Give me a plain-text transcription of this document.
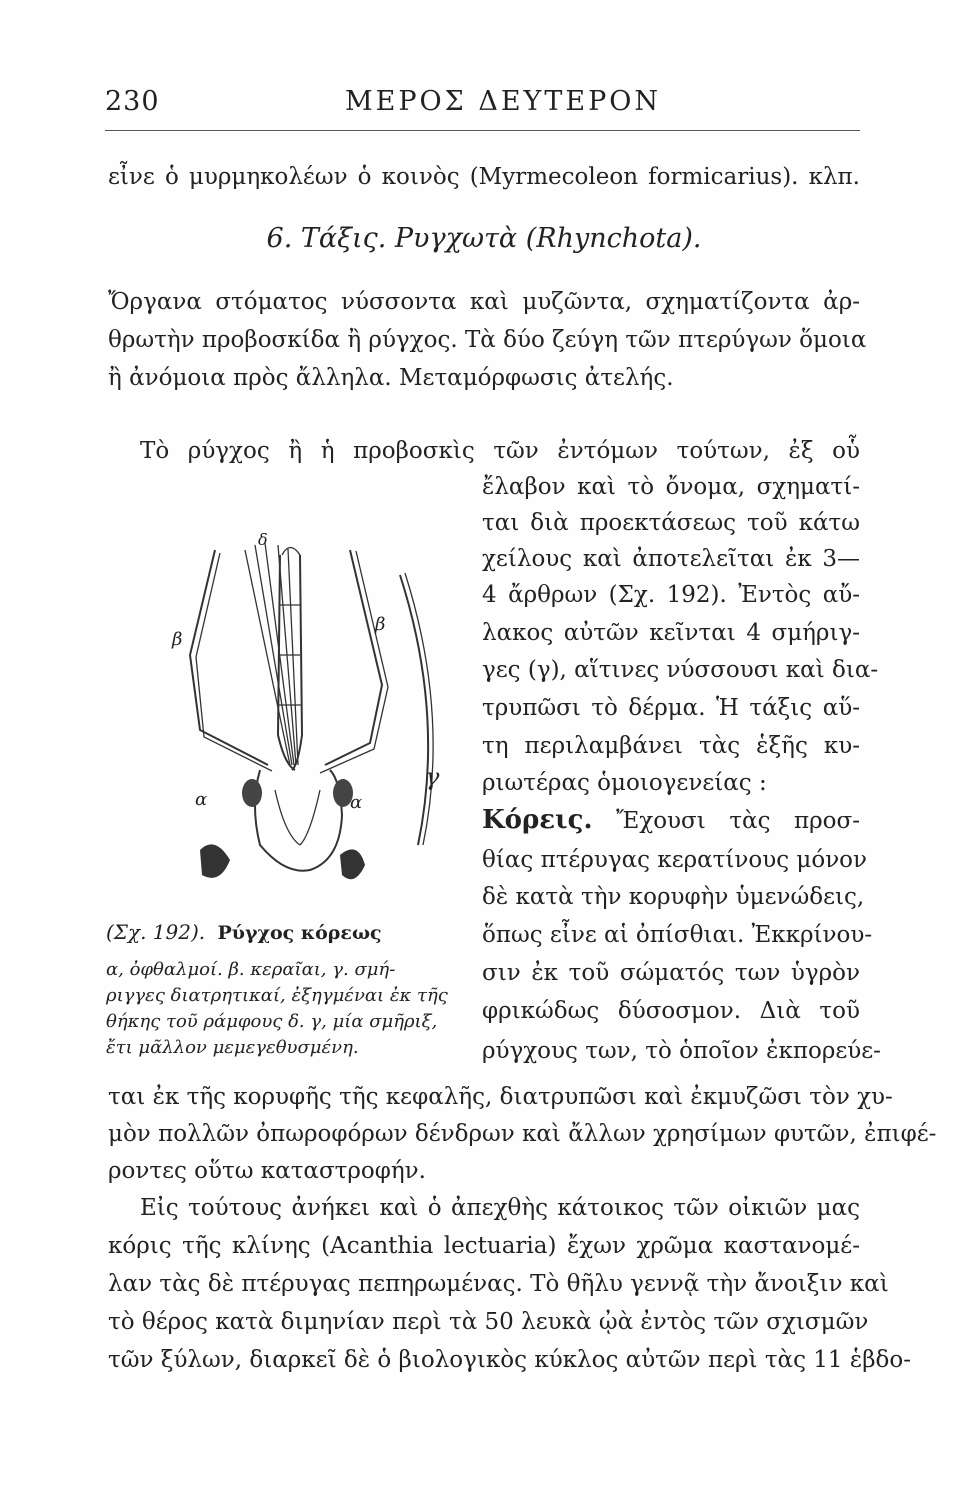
230	ΜΕΡΟΣ ΔΕΥΤΕΡΟΝ
εἶνε ὁ μυρμηκολέων ὁ κοινὸς (Myrmecoleon formicarius). κλπ.
6. Τάξις. Ρυγχωτὰ (Rhynchota).
Ὄργανα στόματος νύσσοντα καὶ μυζῶντα, σχηματίζοντα ἀρ-
θρωτὴν προβοσκίδα ἢ ρύγχος. Τὰ δύο ζεύγη τῶν πτερύγων ὅμοια
ἢ ἀνόμοια πρὸς ἄλληλα. Μεταμόρφωσις ἀτελής.
Τὸ ρύγχος ἢ ἡ προβοσκὶς τῶν ἐντόμων τούτων, ἐξ οὗ
ἔλαβον καὶ τὸ ὄνομα, σχηματί-
ται διὰ προεκτάσεως τοῦ κάτω
χείλους καὶ ἀποτελεῖται ἐκ 3—
4 ἄρθρων (Σχ. 192). Ἐντὸς αὔ-
λακος αὐτῶν κεῖνται 4 σμήριγ-
γες (γ), αἵτινες νύσσουσι καὶ δια-
τρυπῶσι τὸ δέρμα. Ἡ τάξις αὕ-
τη περιλαμβάνει τὰς ἑξῆς κυ-
ριωτέρας ὁμοιογενείας :
Κόρεις. Ἔχουσι τὰς προσ-
θίας πτέρυγας κερατίνους μόνον
δὲ κατὰ τὴν κορυφὴν ὑμενώδεις,
ὅπως εἶνε αἱ ὀπίσθιαι. Ἐκκρίνου-
σιν ἐκ τοῦ σώματός των ὑγρὸν
φρικώδως δύσοσμον. Διὰ τοῦ
ρύγχους των, τὸ ὁποῖον ἐκπορεύε-
α	α
β
β
γ
δ
(Σχ. 192). Ρύγχος κόρεως
α, ὀφθαλμοί. β. κεραῖαι, γ. σμή-
ριγγες διατρητικαί, ἐξηγμέναι ἐκ τῆς
θήκης τοῦ ράμφους δ. γ, μία σμῆριξ,
ἔτι μᾶλλον μεμεγεθυσμένη.
ται ἐκ τῆς κορυφῆς τῆς κεφαλῆς, διατρυπῶσι καὶ ἐκμυζῶσι τὸν χυ-
μὸν πολλῶν ὀπωροφόρων δένδρων καὶ ἄλλων χρησίμων φυτῶν, ἐπιφέ-
ροντες οὕτω καταστροφήν.
Εἰς τούτους ἀνήκει καὶ ὁ ἀπεχθὴς κάτοικος τῶν οἰκιῶν μας
κόρις τῆς κλίνης (Acanthia lectuaria) ἔχων χρῶμα καστανομέ-
λαν τὰς δὲ πτέρυγας πεπηρωμένας. Τὸ θῆλυ γεννᾷ τὴν ἄνοιξιν καὶ
τὸ θέρος κατὰ διμηνίαν περὶ τὰ 50 λευκὰ ᾠὰ ἐντὸς τῶν σχισμῶν
τῶν ξύλων, διαρκεῖ δὲ ὁ βιολογικὸς κύκλος αὐτῶν περὶ τὰς 11 ἑβδο-
